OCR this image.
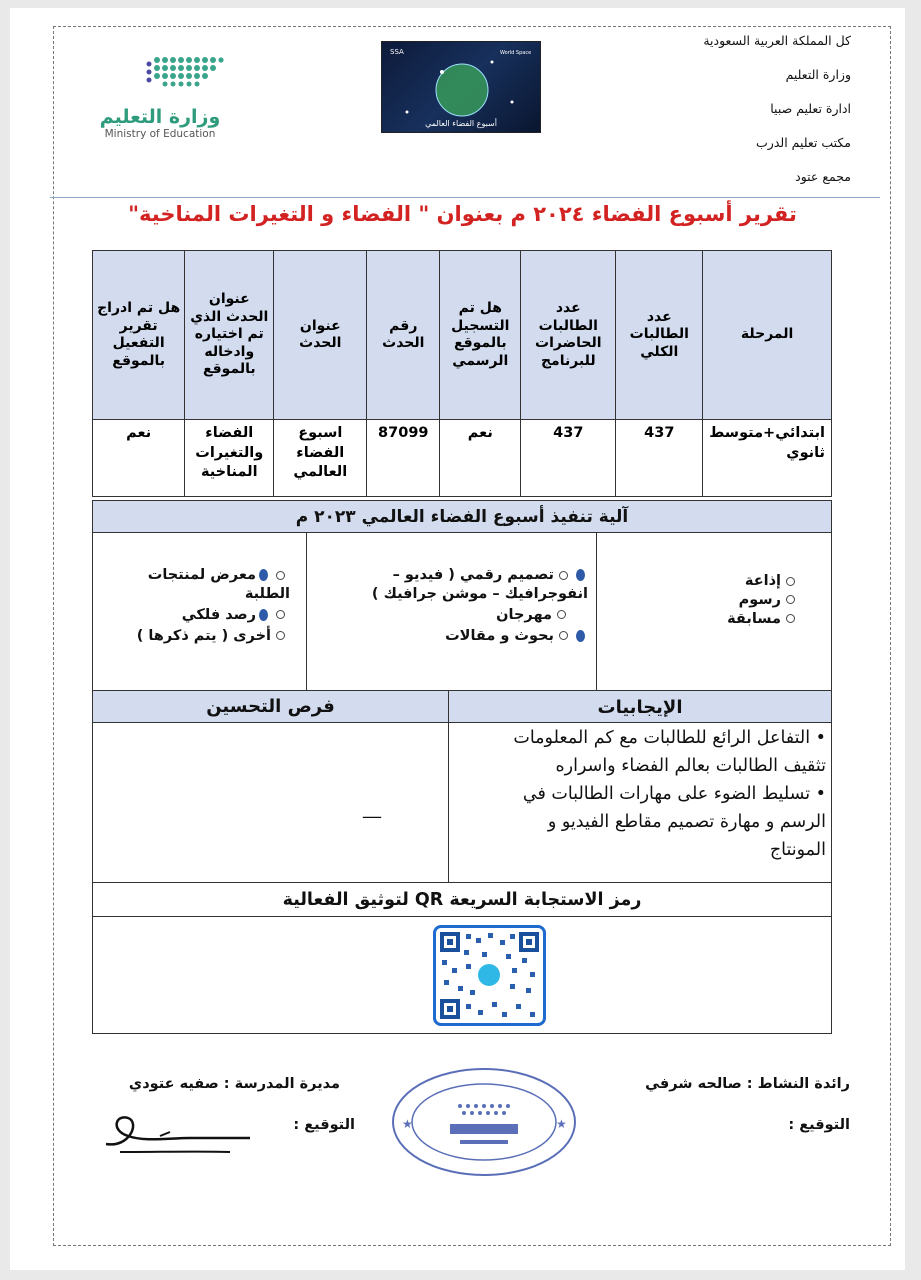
كل المملكة العربية السعودية
وزارة التعليم
ادارة تعليم صبيا
مكتب تعليم الدرب
مجمع عتود
SSA	World Space
أسبوع الفضاء العالمي
وزارة التعليم
Ministry of Education
تقرير أسبوع الفضاء ٢٠٢٤ م بعنوان " الفضاء و التغيرات المناخية"
المرحلة	عدد الطالبات الكلي	عدد الطالبات الحاضرات للبرنامج	هل تم التسجيل بالموقع الرسمي	رقم الحدث	عنوان الحدث	عنوان الحدث الذي تم اختياره وادخاله بالموقع	هل تم ادراج تقرير التفعيل بالموقع
ابتدائي+متوسط ثانوي	437	437	نعم	87099	اسبوع الفضاء العالمي	الفضاء والتغيرات المناخية	نعم
آلية تنفيذ أسبوع الفضاء العالمي ٢٠٢٣ م
إذاعة
رسوم
مسابقة
تصميم رقمي ( فيديو – انفوجرافيك – موشن جرافيك )
مهرجان
بحوث و مقالات
معرض لمنتجات الطلبة
رصد فلكي
أخرى ( يتم ذكرها )
الإيجابيات
فرص التحسين
• التفاعل الرائع للطالبات مع كم المعلومات
تثقيف الطالبات بعالم الفضاء واسراره
• تسليط الضوء على مهارات الطالبات في
الرسم و مهارة تصميم مقاطع الفيديو و
المونتاج
__
رمز الاستجابة السريعة QR لتوثيق الفعالية
رائدة النشاط : صالحه شرفي
التوقيع :
مديرة المدرسة : صفيه عتودي
التوقيع :	★	★
